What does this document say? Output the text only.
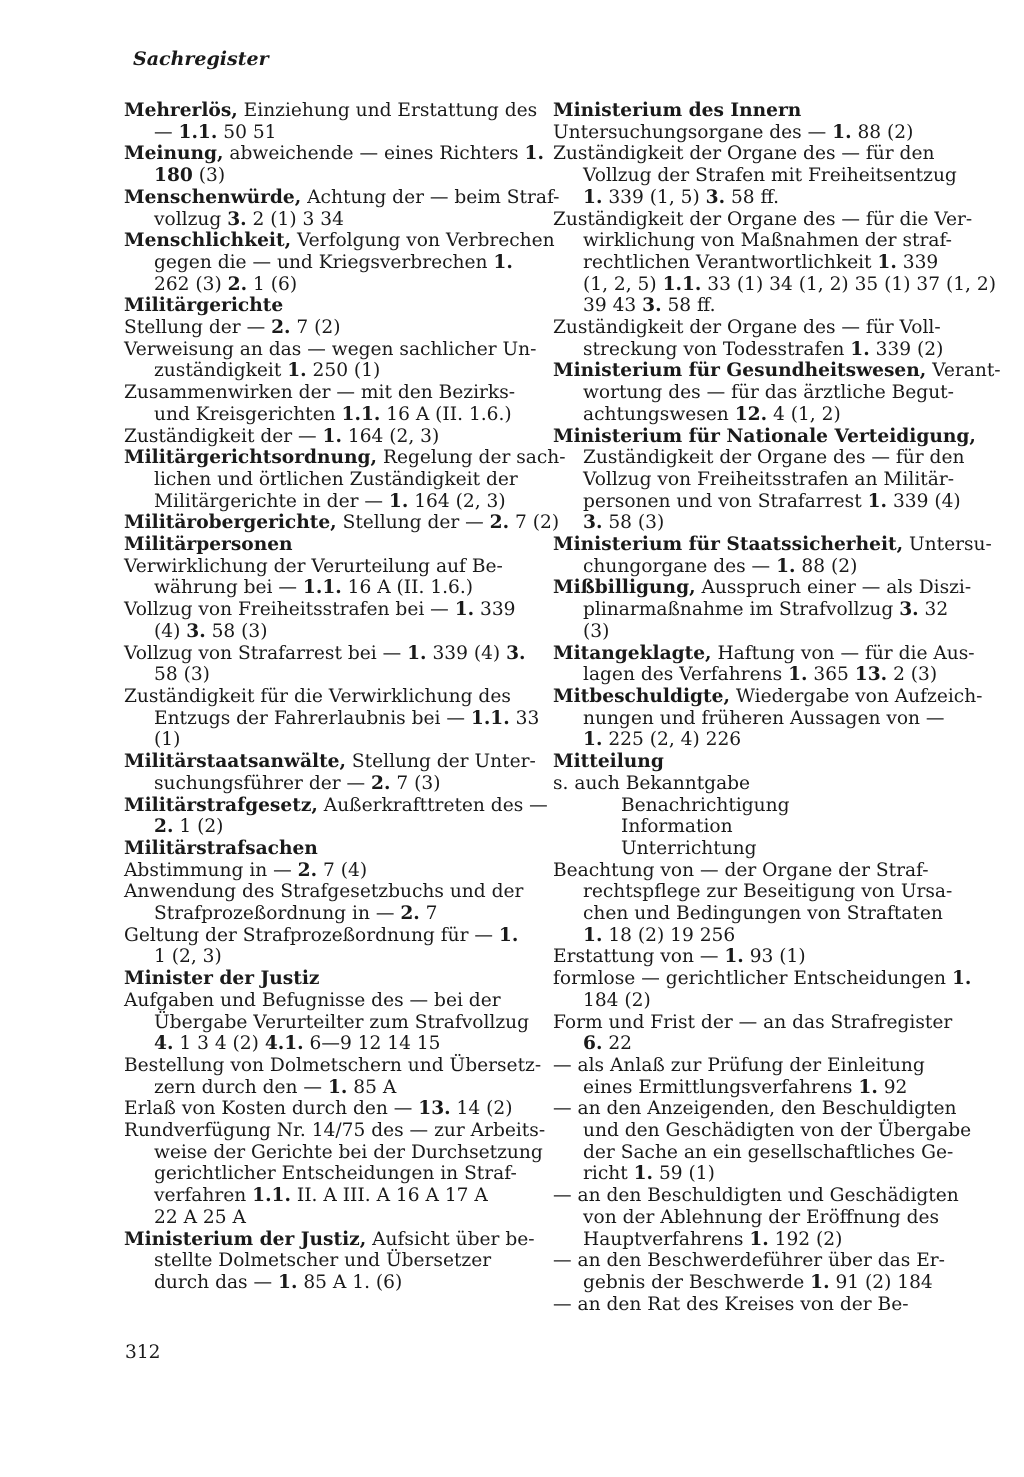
Sachregister
Mehrerlös, Einziehung und Erstattung des
— 1.1. 50 51
Meinung, abweichende — eines Richters 1.
180 (3)
Menschenwürde, Achtung der — beim Straf-
vollzug 3. 2 (1) 3 34
Menschlichkeit, Verfolgung von Verbrechen
gegen die — und Kriegsverbrechen 1.
262 (3) 2. 1 (6)
Militärgerichte
Stellung der — 2. 7 (2)
Verweisung an das — wegen sachlicher Un-
zuständigkeit 1. 250 (1)
Zusammenwirken der — mit den Bezirks-
und Kreisgerichten 1.1. 16 A (II. 1.6.)
Zuständigkeit der — 1. 164 (2, 3)
Militärgerichtsordnung, Regelung der sach-
lichen und örtlichen Zuständigkeit der
Militärgerichte in der — 1. 164 (2, 3)
Militärobergerichte, Stellung der — 2. 7 (2)
Militärpersonen
Verwirklichung der Verurteilung auf Be-
währung bei — 1.1. 16 A (II. 1.6.)
Vollzug von Freiheitsstrafen bei — 1. 339
(4) 3. 58 (3)
Vollzug von Strafarrest bei — 1. 339 (4) 3.
58 (3)
Zuständigkeit für die Verwirklichung des
Entzugs der Fahrerlaubnis bei — 1.1. 33
(1)
Militärstaatsanwälte, Stellung der Unter-
suchungsführer der — 2. 7 (3)
Militärstrafgesetz, Außerkrafttreten des —
2. 1 (2)
Militärstrafsachen
Abstimmung in — 2. 7 (4)
Anwendung des Strafgesetzbuchs und der
Strafprozeßordnung in — 2. 7
Geltung der Strafprozeßordnung für — 1.
1 (2, 3)
Minister der Justiz
Aufgaben und Befugnisse des — bei der
Übergabe Verurteilter zum Strafvollzug
4. 1 3 4 (2) 4.1. 6—9 12 14 15
Bestellung von Dolmetschern und Übersetz-
zern durch den — 1. 85 A
Erlaß von Kosten durch den — 13. 14 (2)
Rundverfügung Nr. 14/75 des — zur Arbeits-
weise der Gerichte bei der Durchsetzung
gerichtlicher Entscheidungen in Straf-
verfahren 1.1. II. A III. A 16 A 17 A
22 A 25 A
Ministerium der Justiz, Aufsicht über be-
stellte Dolmetscher und Übersetzer
durch das — 1. 85 A 1. (6)
Ministerium des Innern
Untersuchungsorgane des — 1. 88 (2)
Zuständigkeit der Organe des — für den
Vollzug der Strafen mit Freiheitsentzug
1. 339 (1, 5) 3. 58 ff.
Zuständigkeit der Organe des — für die Ver-
wirklichung von Maßnahmen der straf-
rechtlichen Verantwortlichkeit 1. 339
(1, 2, 5) 1.1. 33 (1) 34 (1, 2) 35 (1) 37 (1, 2)
39 43 3. 58 ff.
Zuständigkeit der Organe des — für Voll-
streckung von Todesstrafen 1. 339 (2)
Ministerium für Gesundheitswesen, Verant-
wortung des — für das ärztliche Begut-
achtungswesen 12. 4 (1, 2)
Ministerium für Nationale Verteidigung,
Zuständigkeit der Organe des — für den
Vollzug von Freiheitsstrafen an Militär-
personen und von Strafarrest 1. 339 (4)
3. 58 (3)
Ministerium für Staatssicherheit, Untersu-
chungorgane des — 1. 88 (2)
Mißbilligung, Ausspruch einer — als Diszi-
plinarmaßnahme im Strafvollzug 3. 32
(3)
Mitangeklagte, Haftung von — für die Aus-
lagen des Verfahrens 1. 365 13. 2 (3)
Mitbeschuldigte, Wiedergabe von Aufzeich-
nungen und früheren Aussagen von —
1. 225 (2, 4) 226
Mitteilung
s. auch Bekanntgabe
Benachrichtigung
Information
Unterrichtung
Beachtung von — der Organe der Straf-
rechtspflege zur Beseitigung von Ursa-
chen und Bedingungen von Straftaten
1. 18 (2) 19 256
Erstattung von — 1. 93 (1)
formlose — gerichtlicher Entscheidungen 1.
184 (2)
Form und Frist der — an das Strafregister
6. 22
— als Anlaß zur Prüfung der Einleitung
eines Ermittlungsverfahrens 1. 92
— an den Anzeigenden, den Beschuldigten
und den Geschädigten von der Übergabe
der Sache an ein gesellschaftliches Ge-
richt 1. 59 (1)
— an den Beschuldigten und Geschädigten
von der Ablehnung der Eröffnung des
Hauptverfahrens 1. 192 (2)
— an den Beschwerdeführer über das Er-
gebnis der Beschwerde 1. 91 (2) 184
— an den Rat des Kreises von der Be-
312
